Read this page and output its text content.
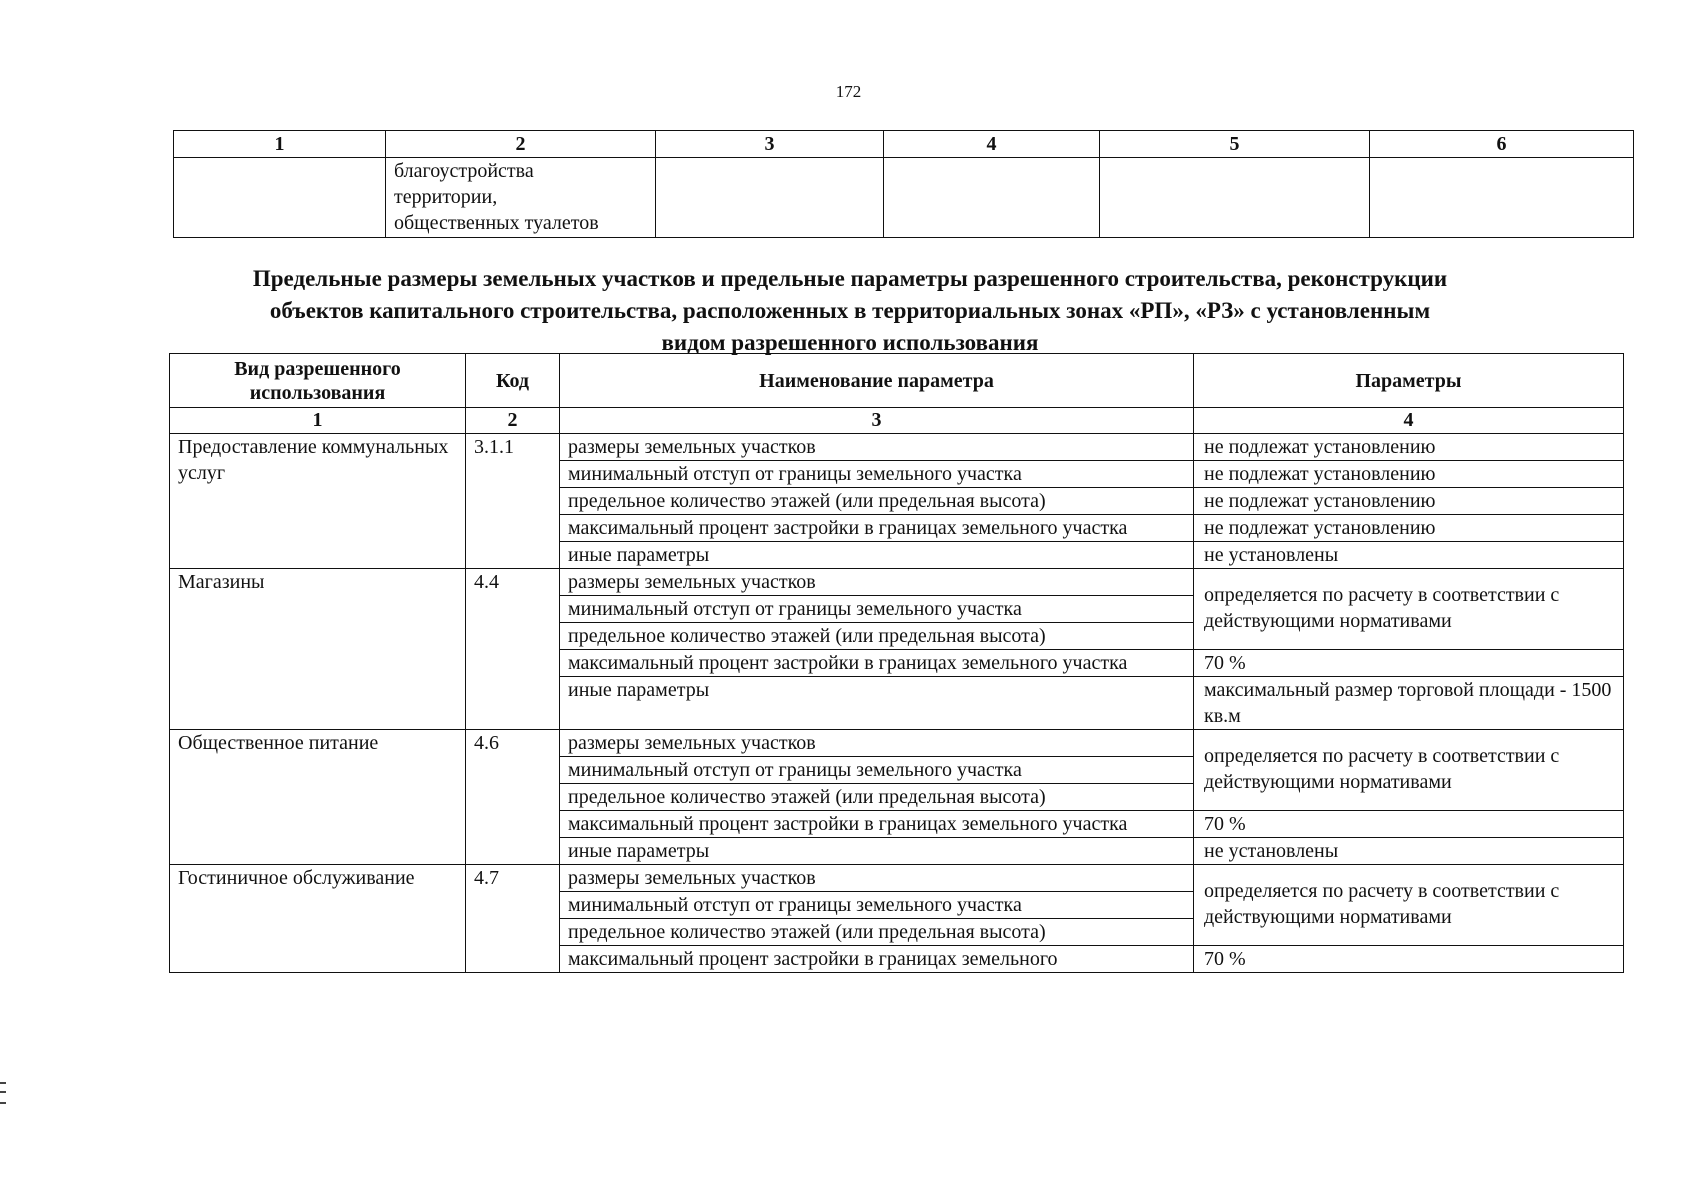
172
1	2	3	4	5	6
	благоустройства
территории,
общественных туалетов				
Предельные размеры земельных участков и предельные параметры разрешенного строительства, реконструкции
объектов капитального строительства, расположенных в территориальных зонах «РП», «РЗ» с установленным
видом разрешенного использования
Вид разрешенного использования	Код	Наименование параметра	Параметры
1	2	3	4
Предоставление коммунальных услуг	3.1.1	размеры земельных участков	не подлежат установлению
		минимальный отступ от границы земельного участка	не подлежат установлению
		предельное количество этажей (или предельная высота)	не подлежат установлению
		максимальный процент застройки в границах земельного участка	не подлежат установлению
		иные параметры	не установлены
Магазины	4.4	размеры земельных участков	определяется по расчету в соответствии с действующими нормативами
		минимальный отступ от границы земельного участка	
		предельное количество этажей (или предельная высота)	
		максимальный процент застройки в границах земельного участка	70 %
		иные параметры	максимальный размер торговой площади - 1500 кв.м
Общественное питание	4.6	размеры земельных участков	определяется по расчету в соответствии с действующими нормативами
		минимальный отступ от границы земельного участка	
		предельное количество этажей (или предельная высота)	
		максимальный процент застройки в границах земельного участка	70 %
		иные параметры	не установлены
Гостиничное обслуживание	4.7	размеры земельных участков	определяется по расчету в соответствии с действующими нормативами
		минимальный отступ от границы земельного участка	
		предельное количество этажей (или предельная высота)	
		максимальный процент застройки в границах земельного	70 %
